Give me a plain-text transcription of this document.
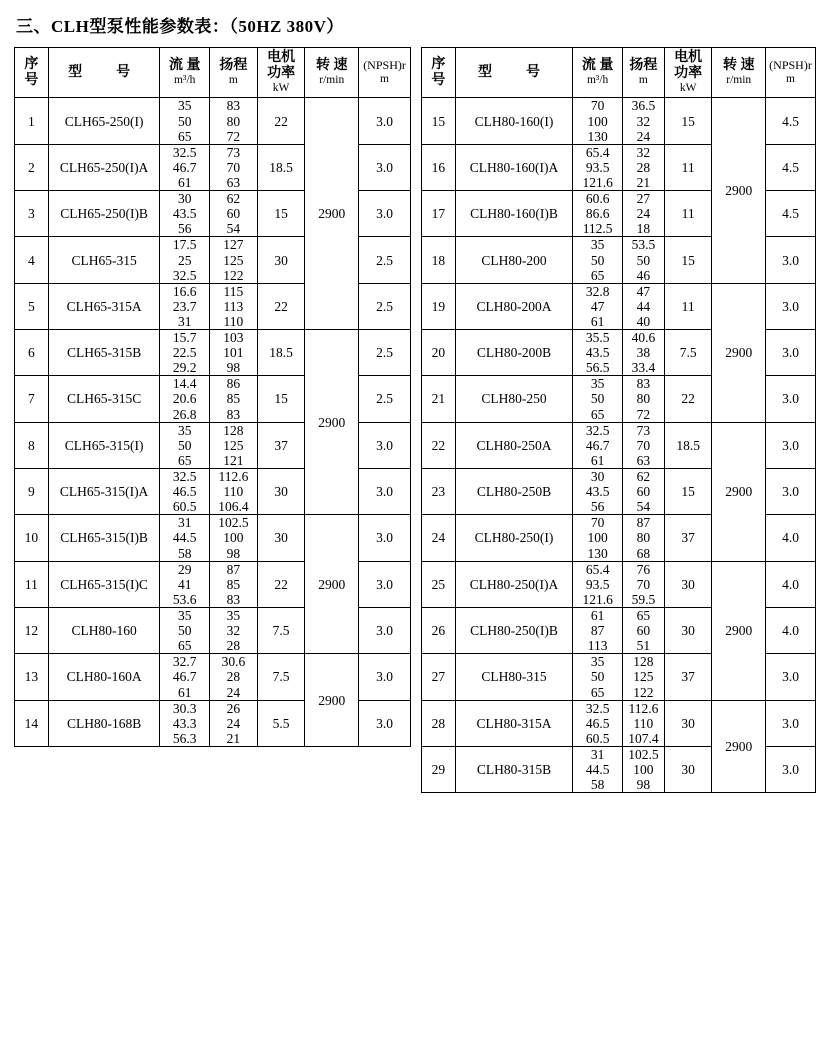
三、CLH型泵性能参数表：（50HZ 380V）
序
号	型　号	流 量
m³/h	扬程
m	电机 功率
kW	转 速
r/min	(NPSH)r
m

1	CLH65-250(I)	35
50
65	83
80
72	22	2900	3.0
2	CLH65-250(I)A	32.5
46.7
61	73
70
63	18.5		3.0
3	CLH65-250(I)B	30
43.5
56	62
60
54	15		3.0
4	CLH65-315	17.5
25
32.5	127
125
122	30		2.5
5	CLH65-315A	16.6
23.7
31	115
113
110	22		2.5
6	CLH65-315B	15.7
22.5
29.2	103
101
98	18.5	2900	2.5
7	CLH65-315C	14.4
20.6
26.8	86
85
83	15		2.5
8	CLH65-315(I)	35
50
65	128
125
121	37		3.0
9	CLH65-315(I)A	32.5
46.5
60.5	112.6
110
106.4	30		3.0
10	CLH65-315(I)B	31
44.5
58	102.5
100
98	30	2900	3.0
11	CLH65-315(I)C	29
41
53.6	87
85
83	22		3.0
12	CLH80-160	35
50
65	35
32
28	7.5		3.0
13	CLH80-160A	32.7
46.7
61	30.6
28
24	7.5	2900	3.0
14	CLH80-168B	30.3
43.3
56.3	26
24
21	5.5		3.0
序
号	型　号	流 量
m³/h	扬程
m	电机 功率
kW	转 速
r/min	(NPSH)r
m

15	CLH80-160(I)	70
100
130	36.5
32
24	15	2900	4.5
16	CLH80-160(I)A	65.4
93.5
121.6	32
28
21	11		4.5
17	CLH80-160(I)B	60.6
86.6
112.5	27
24
18	11		4.5
18	CLH80-200	35
50
65	53.5
50
46	15		3.0
19	CLH80-200A	32.8
47
61	47
44
40	11	2900	3.0
20	CLH80-200B	35.5
43.5
56.5	40.6
38
33.4	7.5		3.0
21	CLH80-250	35
50
65	83
80
72	22		3.0
22	CLH80-250A	32.5
46.7
61	73
70
63	18.5	2900	3.0
23	CLH80-250B	30
43.5
56	62
60
54	15		3.0
24	CLH80-250(I)	70
100
130	87
80
68	37		4.0
25	CLH80-250(I)A	65.4
93.5
121.6	76
70
59.5	30	2900	4.0
26	CLH80-250(I)B	61
87
113	65
60
51	30		4.0
27	CLH80-315	35
50
65	128
125
122	37		3.0
28	CLH80-315A	32.5
46.5
60.5	112.6
110
107.4	30	2900	3.0
29	CLH80-315B	31
44.5
58	102.5
100
98	30		3.0
